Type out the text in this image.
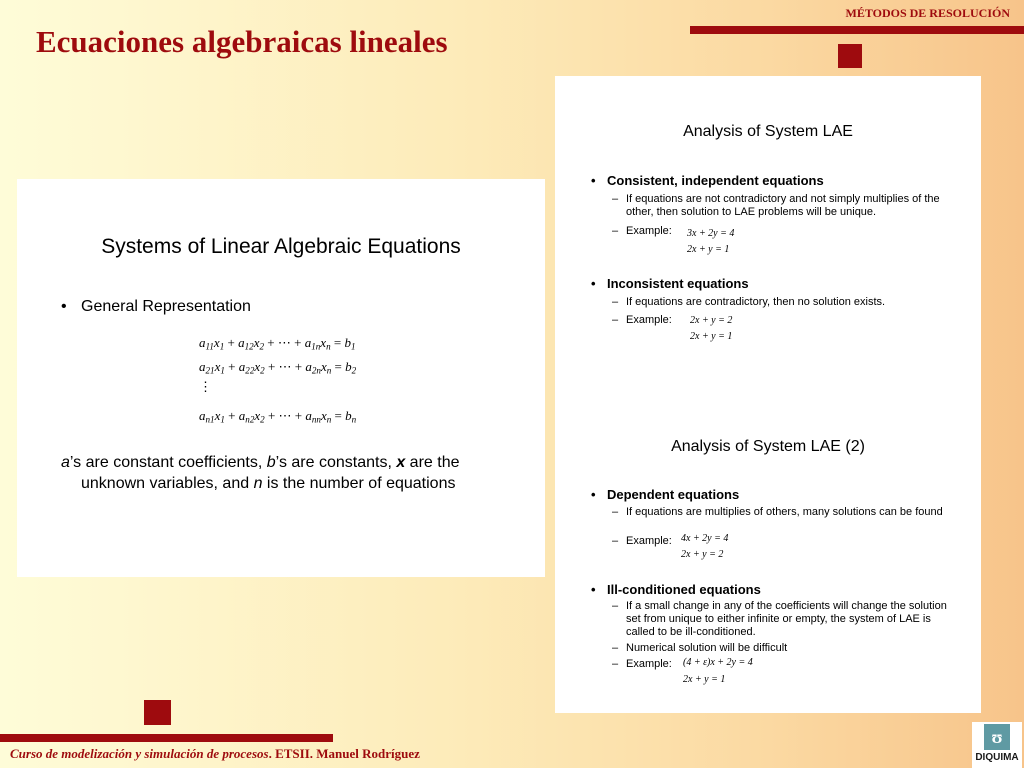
MÉTODOS DE RESOLUCIÓN
Ecuaciones algebraicas lineales
Systems of Linear Algebraic Equations
• General Representation
$a_{11}x_1 + a_{12}x_2$ + ⋯ + $a_{1n}x_n = b_1$
$a_{21}x_1 + a_{22}x_2$ + ⋯ + $a_{2n}x_n = b_2$
⋮
$a_{n1}x_1 + a_{n2}x_2$ + ⋯ + $a_{nn}x_n = b_n$
a’s are constant coefficients, b’s are constants, x are the unknown variables, and n is the number of equations
Analysis of System LAE
• Consistent, independent equations
– If equations are not contradictory and not simply multiplies of the other, then solution to LAE problems will be unique.
– Example: 3x + 2y = 4
2x + y = 1
• Inconsistent equations
– If equations are contradictory, then no solution exists.
– Example: 2x + y = 2
2x + y = 1
Analysis of System LAE (2)
• Dependent equations
– If equations are multiplies of others, many solutions can be found
– Example: 4x + 2y = 4
2x + y = 2
• Ill-conditioned equations
– If a small change in any of the coefficients will change the solution set from unique to either infinite or empty, the system of LAE is called to be ill-conditioned.
– Numerical solution will be difficult
– Example: (4 + ε)x + 2y = 4
2x + y = 1
Curso de modelización y simulación de procesos. ETSII. Manuel Rodríguez
ʊ
DIQUIMA
